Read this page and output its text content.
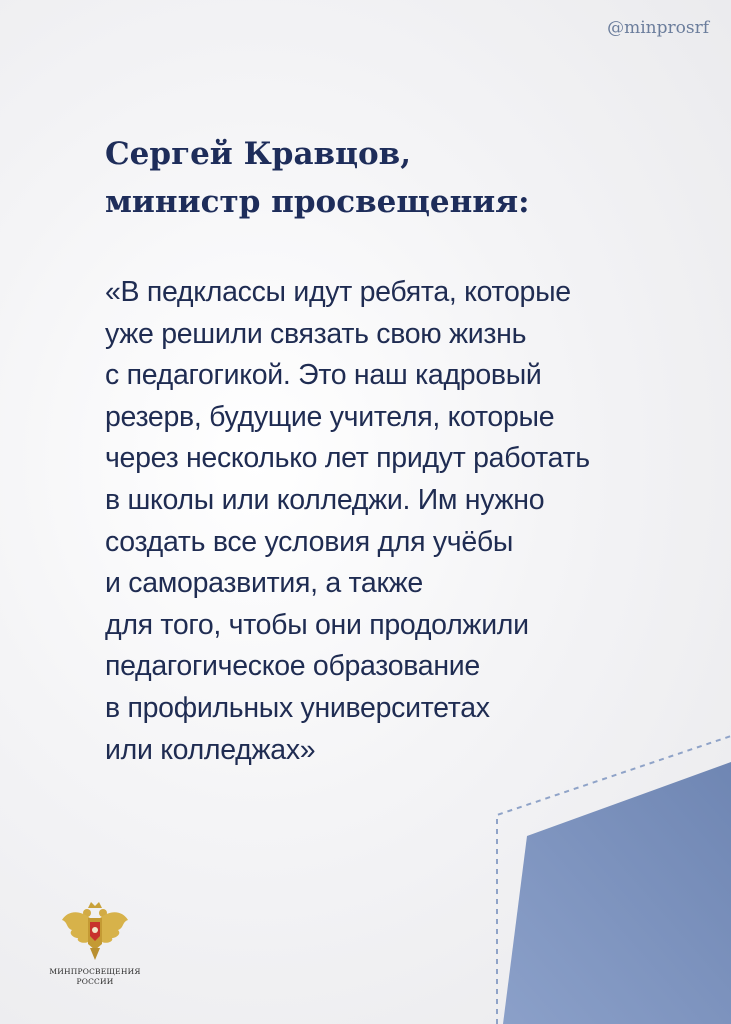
@minprosrf
Сергей Кравцов,
министр просвещения:
«В педклассы идут ребята, которые
уже решили связать свою жизнь
с педагогикой. Это наш кадровый
резерв, будущие учителя, которые
через несколько лет придут работать
в школы или колледжи. Им нужно
создать все условия для учёбы
и саморазвития, а также
для того, чтобы они продолжили
педагогическое образование
в профильных университетах
или колледжах»
МИНПРОСВЕЩЕНИЯ
РОССИИ
